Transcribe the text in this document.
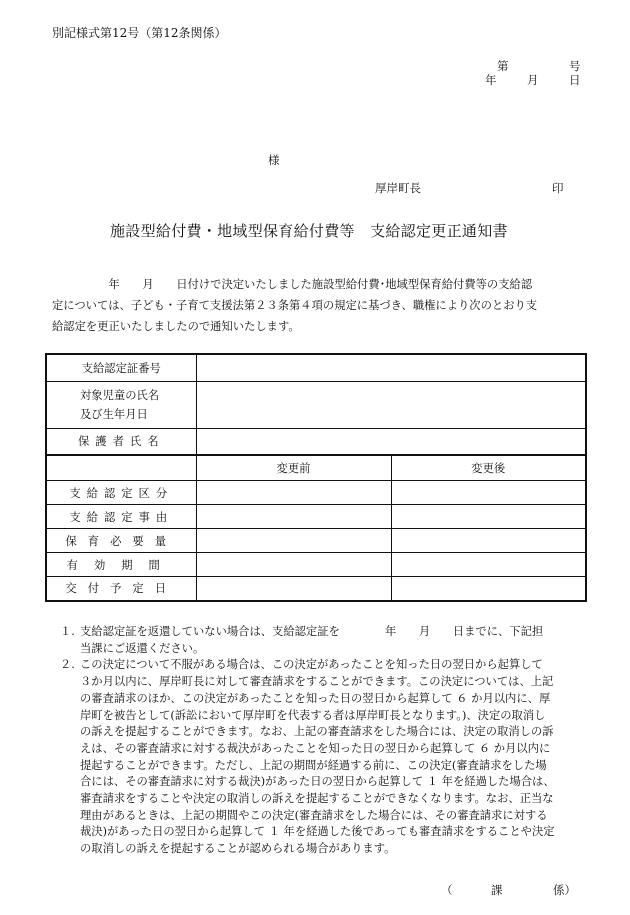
別記様式第12号（第12条関係）
第	号
年	月	日
様
厚岸町長	印
施設型給付費・地域型保育給付費等　支給認定更正通知書
　　　　　年　　月　　日付けで決定いたしました施設型給付費･地域型保育給付費等の支給認
定については、子ども・子育て支援法第２３条第４項の規定に基づき、職権により次のとおり支
給認定を更正いたしましたので通知いたします。
支給認定証番号		

対象児童の氏名
及び生年月日		

保護者氏名		
	変更前	変更後
支給認定区分		
支給認定事由		
保育必要量		
有効期間		
交付予定日		
１. 支給認定証を返還していない場合は、支給認定証を　　　　年　　月　　日までに、下記担
当課にご返還ください。
２. この決定について不服がある場合は、この決定があったことを知った日の翌日から起算して
３か月以内に、厚岸町長に対して審査請求をすることができます。この決定については、上記
の審査請求のほか、この決定があったことを知った日の翌日から起算して ６ か月以内に、厚
岸町を被告として(訴訟において厚岸町を代表する者は厚岸町長となります。)、決定の取消し
の訴えを提起することができます。なお、上記の審査請求をした場合には、決定の取消しの訴
えは、その審査請求に対する裁決があったことを知った日の翌日から起算して ６ か月以内に
提起することができます。ただし、上記の期間が経過する前に、この決定(審査請求をした場
合には、その審査請求に対する裁決)があった日の翌日から起算して １ 年を経過した場合は、
審査請求をすることや決定の取消しの訴えを提起することができなくなります。なお、正当な
理由があるときは、上記の期間やこの決定(審査請求をした場合には、その審査請求に対する
裁決)があった日の翌日から起算して １ 年を経過した後であっても審査請求をすることや決定
の取消しの訴えを提起することが認められる場合があります。
（	課	係）
